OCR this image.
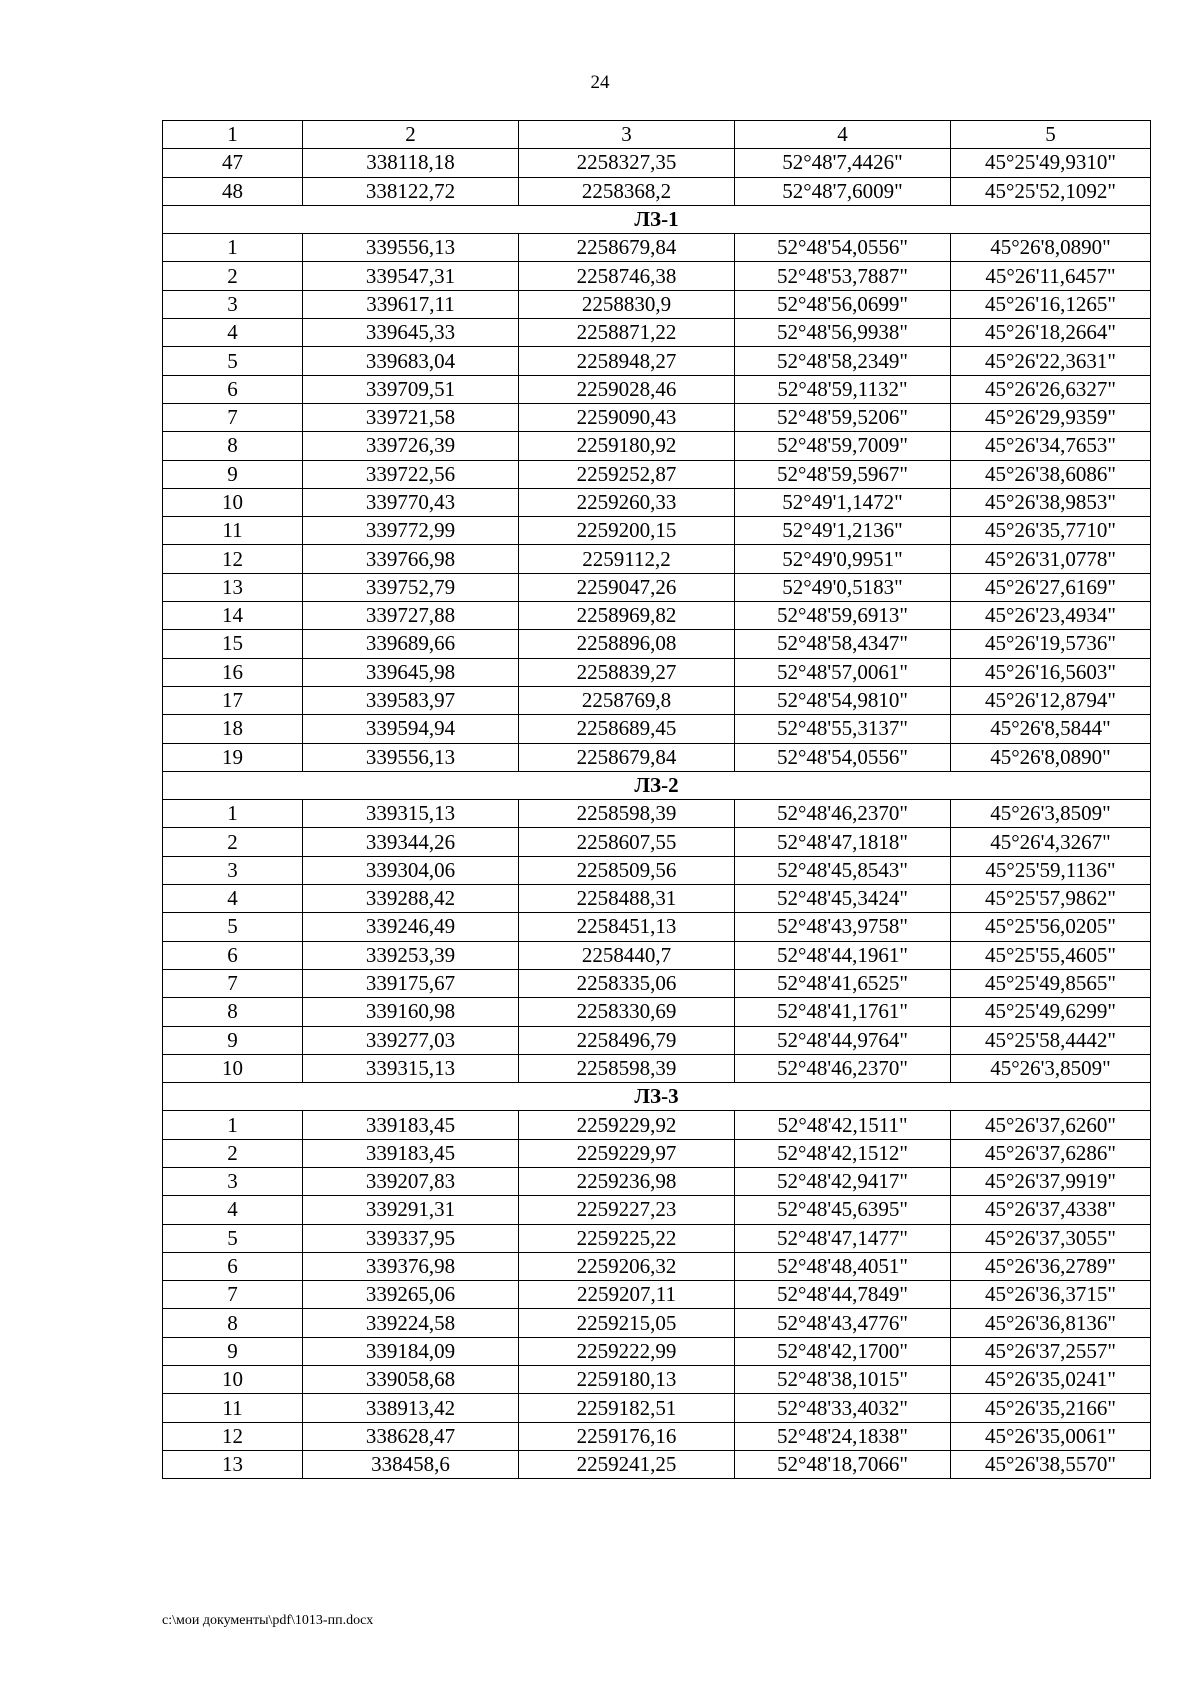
24
1	2	3	4	5
47	338118,18	2258327,35	52°48'7,4426"	45°25'49,9310"
48	338122,72	2258368,2	52°48'7,6009"	45°25'52,1092"
ЛЗ-1				
1	339556,13	2258679,84	52°48'54,0556"	45°26'8,0890"
2	339547,31	2258746,38	52°48'53,7887"	45°26'11,6457"
3	339617,11	2258830,9	52°48'56,0699"	45°26'16,1265"
4	339645,33	2258871,22	52°48'56,9938"	45°26'18,2664"
5	339683,04	2258948,27	52°48'58,2349"	45°26'22,3631"
6	339709,51	2259028,46	52°48'59,1132"	45°26'26,6327"
7	339721,58	2259090,43	52°48'59,5206"	45°26'29,9359"
8	339726,39	2259180,92	52°48'59,7009"	45°26'34,7653"
9	339722,56	2259252,87	52°48'59,5967"	45°26'38,6086"
10	339770,43	2259260,33	52°49'1,1472"	45°26'38,9853"
11	339772,99	2259200,15	52°49'1,2136"	45°26'35,7710"
12	339766,98	2259112,2	52°49'0,9951"	45°26'31,0778"
13	339752,79	2259047,26	52°49'0,5183"	45°26'27,6169"
14	339727,88	2258969,82	52°48'59,6913"	45°26'23,4934"
15	339689,66	2258896,08	52°48'58,4347"	45°26'19,5736"
16	339645,98	2258839,27	52°48'57,0061"	45°26'16,5603"
17	339583,97	2258769,8	52°48'54,9810"	45°26'12,8794"
18	339594,94	2258689,45	52°48'55,3137"	45°26'8,5844"
19	339556,13	2258679,84	52°48'54,0556"	45°26'8,0890"
ЛЗ-2				
1	339315,13	2258598,39	52°48'46,2370"	45°26'3,8509"
2	339344,26	2258607,55	52°48'47,1818"	45°26'4,3267"
3	339304,06	2258509,56	52°48'45,8543"	45°25'59,1136"
4	339288,42	2258488,31	52°48'45,3424"	45°25'57,9862"
5	339246,49	2258451,13	52°48'43,9758"	45°25'56,0205"
6	339253,39	2258440,7	52°48'44,1961"	45°25'55,4605"
7	339175,67	2258335,06	52°48'41,6525"	45°25'49,8565"
8	339160,98	2258330,69	52°48'41,1761"	45°25'49,6299"
9	339277,03	2258496,79	52°48'44,9764"	45°25'58,4442"
10	339315,13	2258598,39	52°48'46,2370"	45°26'3,8509"
ЛЗ-3				
1	339183,45	2259229,92	52°48'42,1511"	45°26'37,6260"
2	339183,45	2259229,97	52°48'42,1512"	45°26'37,6286"
3	339207,83	2259236,98	52°48'42,9417"	45°26'37,9919"
4	339291,31	2259227,23	52°48'45,6395"	45°26'37,4338"
5	339337,95	2259225,22	52°48'47,1477"	45°26'37,3055"
6	339376,98	2259206,32	52°48'48,4051"	45°26'36,2789"
7	339265,06	2259207,11	52°48'44,7849"	45°26'36,3715"
8	339224,58	2259215,05	52°48'43,4776"	45°26'36,8136"
9	339184,09	2259222,99	52°48'42,1700"	45°26'37,2557"
10	339058,68	2259180,13	52°48'38,1015"	45°26'35,0241"
11	338913,42	2259182,51	52°48'33,4032"	45°26'35,2166"
12	338628,47	2259176,16	52°48'24,1838"	45°26'35,0061"
13	338458,6	2259241,25	52°48'18,7066"	45°26'38,5570"
c:\мои документы\pdf\1013-пп.docx
